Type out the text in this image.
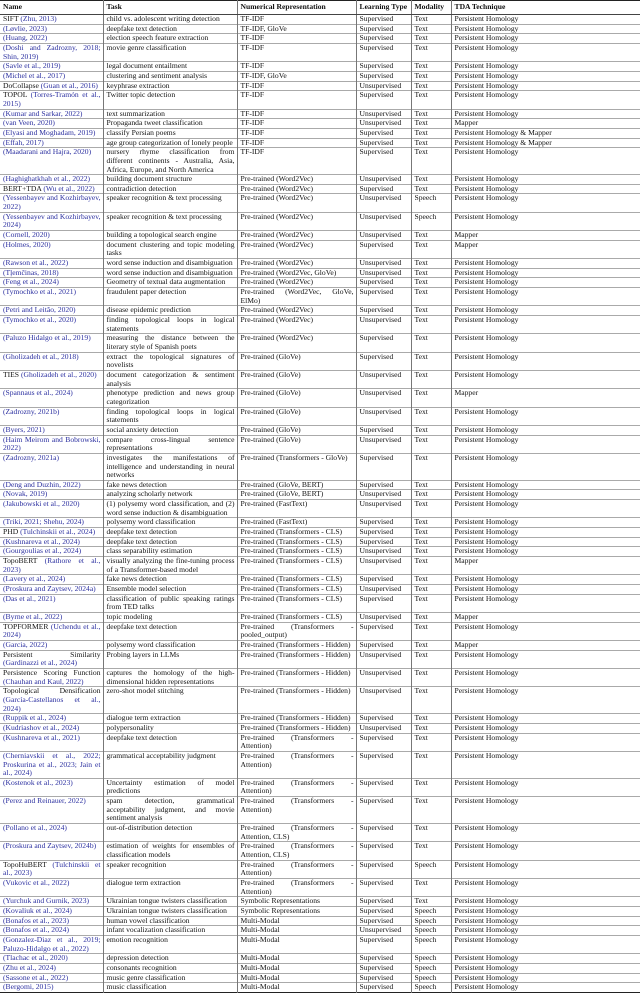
Name	Task	Numerical Representation	Learning Type	Modality	TDA Technique
SIFT (Zhu, 2013)	child vs. adolescent writing detection	TF-IDF	Supervised	Text	Persistent Homology
(Løvlie, 2023)	deepfake text detection	TF-IDF, GloVe	Supervised	Text	Persistent Homology
(Huang, 2022)	election speech feature extraction	TF-IDF	Supervised	Text	Persistent Homology
(Doshi and Zadrozny, 2018; Shin, 2019)	movie genre classification	TF-IDF	Supervised	Text	Persistent Homology
(Savle et al., 2019)	legal document entailment	TF-IDF	Supervised	Text	Persistent Homology
(Michel et al., 2017)	clustering and sentiment analysis	TF-IDF, GloVe	Supervised	Text	Persistent Homology
DoCollapse (Guan et al., 2016)	keyphrase extraction	TF-IDF	Unsupervised	Text	Persistent Homology
TOPOL (Torres-Tramón et al., 2015)	Twitter topic detection	TF-IDF	Supervised	Text	Persistent Homology
(Kumar and Sarkar, 2022)	text summarization	TF-IDF	Unsupervised	Text	Persistent Homology
(van Veen, 2020)	Propaganda tweet classification	TF-IDF	Unsupervised	Text	Mapper
(Elyasi and Moghadam, 2019)	classify Persian poems	TF-IDF	Supervised	Text	Persistent Homology & Mapper
(Effah, 2017)	age group categorization of lonely people	TF-IDF	Supervised	Text	Persistent Homology & Mapper
(Maadarani and Hajra, 2020)	nursery rhyme classification from different continents - Australia, Asia, Africa, Europe, and North America	TF-IDF	Supervised	Text	Persistent Homology
(Haghighatkhah et al., 2022)	building document structure	Pre-trained (Word2Vec)	Unsupervised	Text	Persistent Homology
BERT+TDA (Wu et al., 2022)	contradiction detection	Pre-trained (Word2Vec)	Supervised	Text	Persistent Homology
(Yessenbayev and Kozhirbayev, 2022)	speaker recognition & text processing	Pre-trained (Word2Vec)	Unsupervised	Speech	Persistent Homology
(Yessenbayev and Kozhirbayev, 2024)	speaker recognition & text processing	Pre-trained (Word2Vec)	Unsupervised	Speech	Persistent Homology
(Cornell, 2020)	building a topological search engine	Pre-trained (Word2Vec)	Unsupervised	Text	Mapper
(Holmes, 2020)	document clustering and topic modeling tasks	Pre-trained (Word2Vec)	Supervised	Text	Mapper
(Rawson et al., 2022)	word sense induction and disambiguation	Pre-trained (Word2Vec)	Unsupervised	Text	Persistent Homology
(Tļemčinas, 2018)	word sense induction and disambiguation	Pre-trained (Word2Vec, GloVe)	Unsupervised	Text	Persistent Homology
(Feng et al., 2024)	Geometry of textual data augmentation	Pre-trained (Word2Vec)	Supervised	Text	Persistent Homology
(Tymochko et al., 2021)	fraudulent paper detection	Pre-trained (Word2Vec, GloVe, ElMo)	Supervised	Text	Persistent Homology
(Petri and Leitão, 2020)	disease epidemic prediction	Pre-trained (Word2Vec)	Supervised	Text	Persistent Homology
(Tymochko et al., 2020)	finding topological loops in logical statements	Pre-trained (Word2Vec)	Unsupervised	Text	Persistent Homology
(Paluzo Hidalgo et al., 2019)	measuring the distance between the literary style of Spanish poets	Pre-trained (Word2Vec)	Supervised	Text	Persistent Homology
(Gholizadeh et al., 2018)	extract the topological signatures of novelists	Pre-trained (GloVe)	Supervised	Text	Persistent Homology
TIES (Gholizadeh et al., 2020)	document categorization & sentiment analysis	Pre-trained (GloVe)	Unsupervised	Text	Persistent Homology
(Spannaus et al., 2024)	phenotype prediction and news group categorization	Pre-trained (GloVe)	Unsupervised	Text	Mapper
(Zadrozny, 2021b)	finding topological loops in logical statements	Pre-trained (GloVe)	Unsupervised	Text	Persistent Homology
(Byers, 2021)	social anxiety detection	Pre-trained (GloVe)	Supervised	Text	Persistent Homology
(Haim Meirom and Bobrowski, 2022)	compare cross-lingual sentence representations	Pre-trained (GloVe)	Unsupervised	Text	Persistent Homology
(Zadrozny, 2021a)	investigates the manifestations of intelligence and understanding in neural networks	Pre-trained (Transformers - GloVe)	Supervised	Text	Persistent Homology
(Deng and Duzhin, 2022)	fake news detection	Pre-trained (GloVe, BERT)	Supervised	Text	Persistent Homology
(Novak, 2019)	analyzing scholarly network	Pre-trained (GloVe, BERT)	Unsupervised	Text	Persistent Homology
(Jakubowski et al., 2020)	(1) polysemy word classification, and (2) word sense induction & disambiguation	Pre-trained (FastText)	Unsupervised	Text	Persistent Homology
(Triki, 2021; Shehu, 2024)	polysemy word classification	Pre-trained (FastText)	Supervised	Text	Persistent Homology
PHD (Tulchinskii et al., 2024)	deepfake text detection	Pre-trained (Transformers - CLS)	Supervised	Text	Persistent Homology
(Kushnareva et al., 2024)	deepfake text detection	Pre-trained (Transformers - CLS)	Supervised	Text	Persistent Homology
(Gourgoulias et al., 2024)	class separability estimation	Pre-trained (Transformers - CLS)	Unsupervised	Text	Persistent Homology
TopoBERT (Rathore et al., 2023)	visually analyzing the fine-tuning process of a Transformer-based model	Pre-trained (Transformers - CLS)	Unsupervised	Text	Mapper
(Lavery et al., 2024)	fake news detection	Pre-trained (Transformers - CLS)	Supervised	Text	Persistent Homology
(Proskura and Zaytsev, 2024a)	Ensemble model selection	Pre-trained (Transformers - CLS)	Unsupervised	Text	Persistent Homology
(Das et al., 2021)	classification of public speaking ratings from TED talks	Pre-trained (Transformers - CLS)	Supervised	Text	Persistent Homology
(Byrne et al., 2022)	topic modeling	Pre-trained (Transformers - CLS)	Unsupervised	Text	Mapper
TOPFORMER (Uchendu et al., 2024)	deepfake text detection	Pre-trained (Transformers - pooled_output)	Supervised	Text	Persistent Homology
(Garcia, 2022)	polysemy word classification	Pre-trained (Transformers - Hidden)	Supervised	Text	Mapper
Persistent Similarity (Gardinazzi et al., 2024)	Probing layers in LLMs	Pre-trained (Transformers - Hidden)	Unsupervised	Text	Persistent Homology
Persistence Scoring Function (Chauhan and Kaul, 2022)	captures the homology of the high-dimensional hidden representations	Pre-trained (Transformers - Hidden)	Unsupervised	Text	Persistent Homology
Topological Densification (García-Castellanos et al., 2024)	zero-shot model stitching	Pre-trained (Transformers - Hidden)	Unsupervised	Text	Persistent Homology
(Ruppik et al., 2024)	dialogue term extraction	Pre-trained (Transformers - Hidden)	Supervised	Text	Persistent Homology
(Kudriashov et al., 2024)	polypersonality	Pre-trained (Transformers - Hidden)	Unsupervised	Text	Persistent Homology
(Kushnareva et al., 2021)	deepfake text detection	Pre-trained (Transformers - Attention)	Supervised	Text	Persistent Homology
(Cherniavskii et al., 2022; Proskurina et al., 2023; Jain et al., 2024)	grammatical acceptability judgment	Pre-trained (Transformers - Attention)	Supervised	Text	Persistent Homology
(Kostenok et al., 2023)	Uncertainty estimation of model predictions	Pre-trained (Transformers - Attention)	Supervised	Text	Persistent Homology
(Perez and Reinauer, 2022)	spam detection, grammatical acceptability judgment, and movie sentiment analysis	Pre-trained (Transformers - Attention)	Supervised	Text	Persistent Homology
(Pollano et al., 2024)	out-of-distribution detection	Pre-trained (Transformers - Attention, CLS)	Supervised	Text	Persistent Homology
(Proskura and Zaytsev, 2024b)	estimation of weights for ensembles of classification models	Pre-trained (Transformers - Attention, CLS)	Supervised	Text	Persistent Homology
TopoHuBERT (Tulchinskii et al., 2023)	speaker recognition	Pre-trained (Transformers - Attention)	Supervised	Speech	Persistent Homology
(Vukovic et al., 2022)	dialogue term extraction	Pre-trained (Transformers - Attention)	Supervised	Text	Persistent Homology
(Yurchuk and Gurnik, 2023)	Ukrainian tongue twisters classification	Symbolic Representations	Supervised	Text	Persistent Homology
(Kovaliuk et al., 2024)	Ukrainian tongue twisters classification	Symbolic Representations	Supervised	Speech	Persistent Homology
(Bonafos et al., 2023)	human vowel classification	Multi-Modal	Supervised	Speech	Persistent Homology
(Bonafos et al., 2024)	infant vocalization classification	Multi-Modal	Unsupervised	Speech	Persistent Homology
(Gonzalez-Diaz et al., 2019; Paluzo-Hidalgo et al., 2022)	emotion recognition	Multi-Modal	Supervised	Speech	Persistent Homology
(Tlachac et al., 2020)	depression detection	Multi-Modal	Supervised	Speech	Persistent Homology
(Zhu et al., 2024)	consonants recognition	Multi-Modal	Supervised	Speech	Persistent Homology
(Sassone et al., 2022)	music genre classification	Multi-Modal	Supervised	Speech	Persistent Homology
(Bergomi, 2015)	music classification	Multi-Modal	Supervised	Speech	Persistent Homology
